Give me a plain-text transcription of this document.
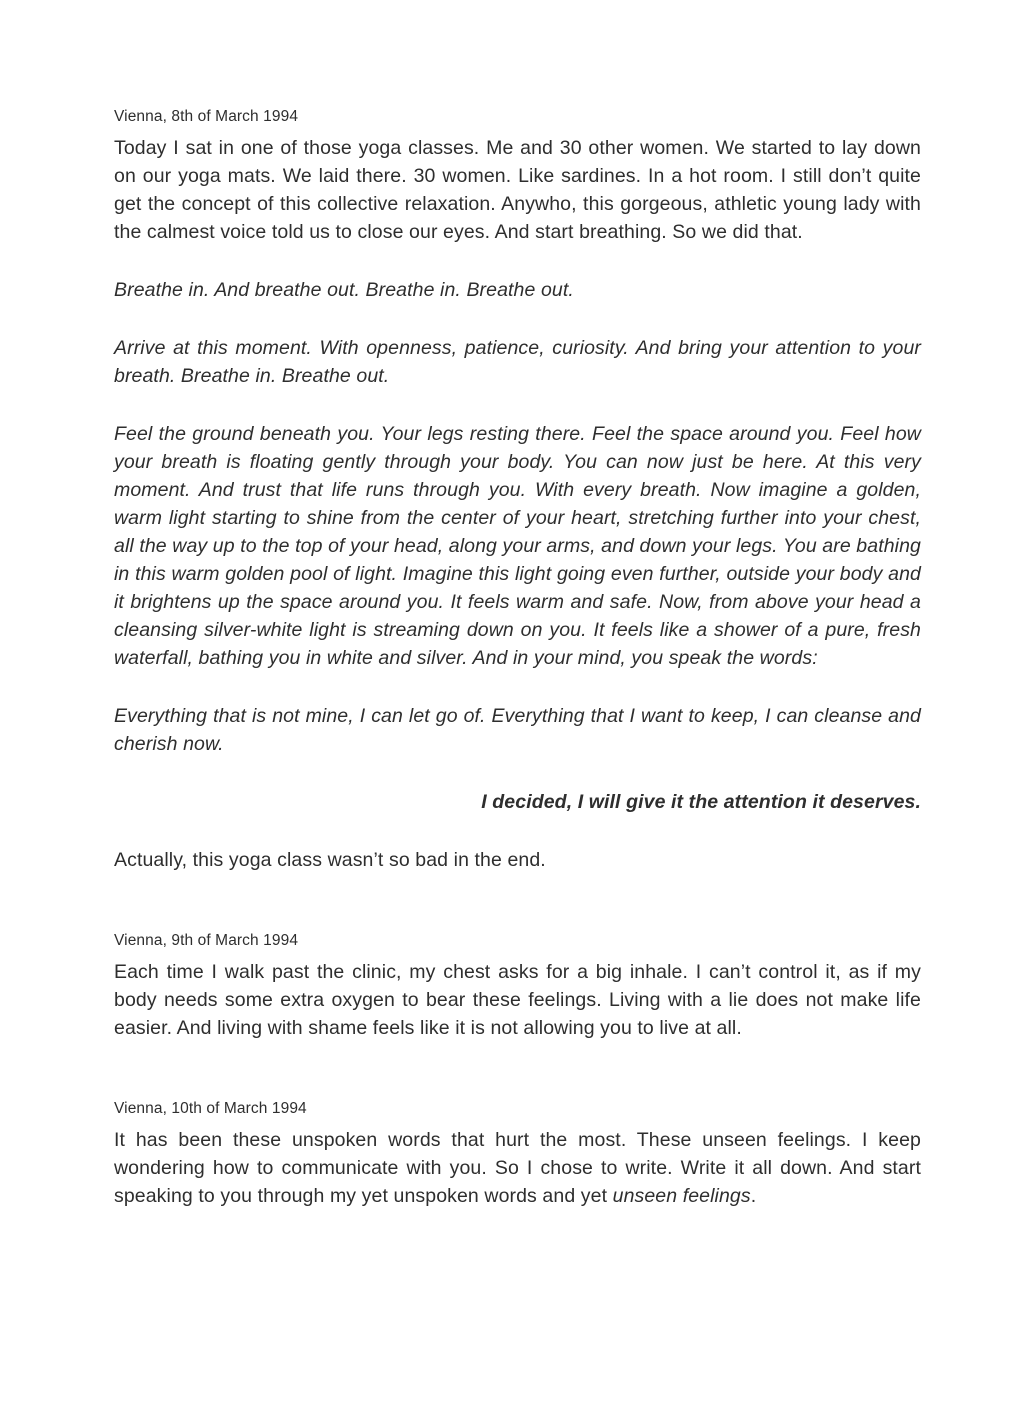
Vienna, 8th of March 1994

Today I sat in one of those yoga classes. Me and 30 other women. We started to lay down on our yoga mats. We laid there. 30 women. Like sardines. In a hot room. I still don’t quite get the concept of this collective relaxation. Anywho, this gorgeous, athletic young lady with the calmest voice told us to close our eyes. And start breathing. So we did that.

Breathe in. And breathe out. Breathe in. Breathe out.

Arrive at this moment. With openness, patience, curiosity. And bring your attention to your breath. Breathe in. Breathe out.

Feel the ground beneath you. Your legs resting there. Feel the space around you. Feel how your breath is floating gently through your body. You can now just be here. At this very moment. And trust that life runs through you. With every breath. Now imagine a golden, warm light starting to shine from the center of your heart, stretching further into your chest, all the way up to the top of your head, along your arms, and down your legs. You are bathing in this warm golden pool of light. Imagine this light going even further, outside your body and it brightens up the space around you. It feels warm and safe. Now, from above your head a cleansing silver-white light is streaming down on you. It feels like a shower of a pure, fresh waterfall, bathing you in white and silver. And in your mind, you speak the words:

Everything that is not mine, I can let go of. Everything that I want to keep, I can cleanse and cherish now.

I decided, I will give it the attention it deserves.

Actually, this yoga class wasn’t so bad in the end.

Vienna, 9th of March 1994

Each time I walk past the clinic, my chest asks for a big inhale. I can’t control it, as if my body needs some extra oxygen to bear these feelings. Living with a lie does not make life easier. And living with shame feels like it is not allowing you to live at all.

Vienna, 10th of March 1994

It has been these unspoken words that hurt the most. These unseen feelings. I keep wondering how to communicate with you. So I chose to write. Write it all down. And start speaking to you through my yet unspoken words and yet unseen feelings.
